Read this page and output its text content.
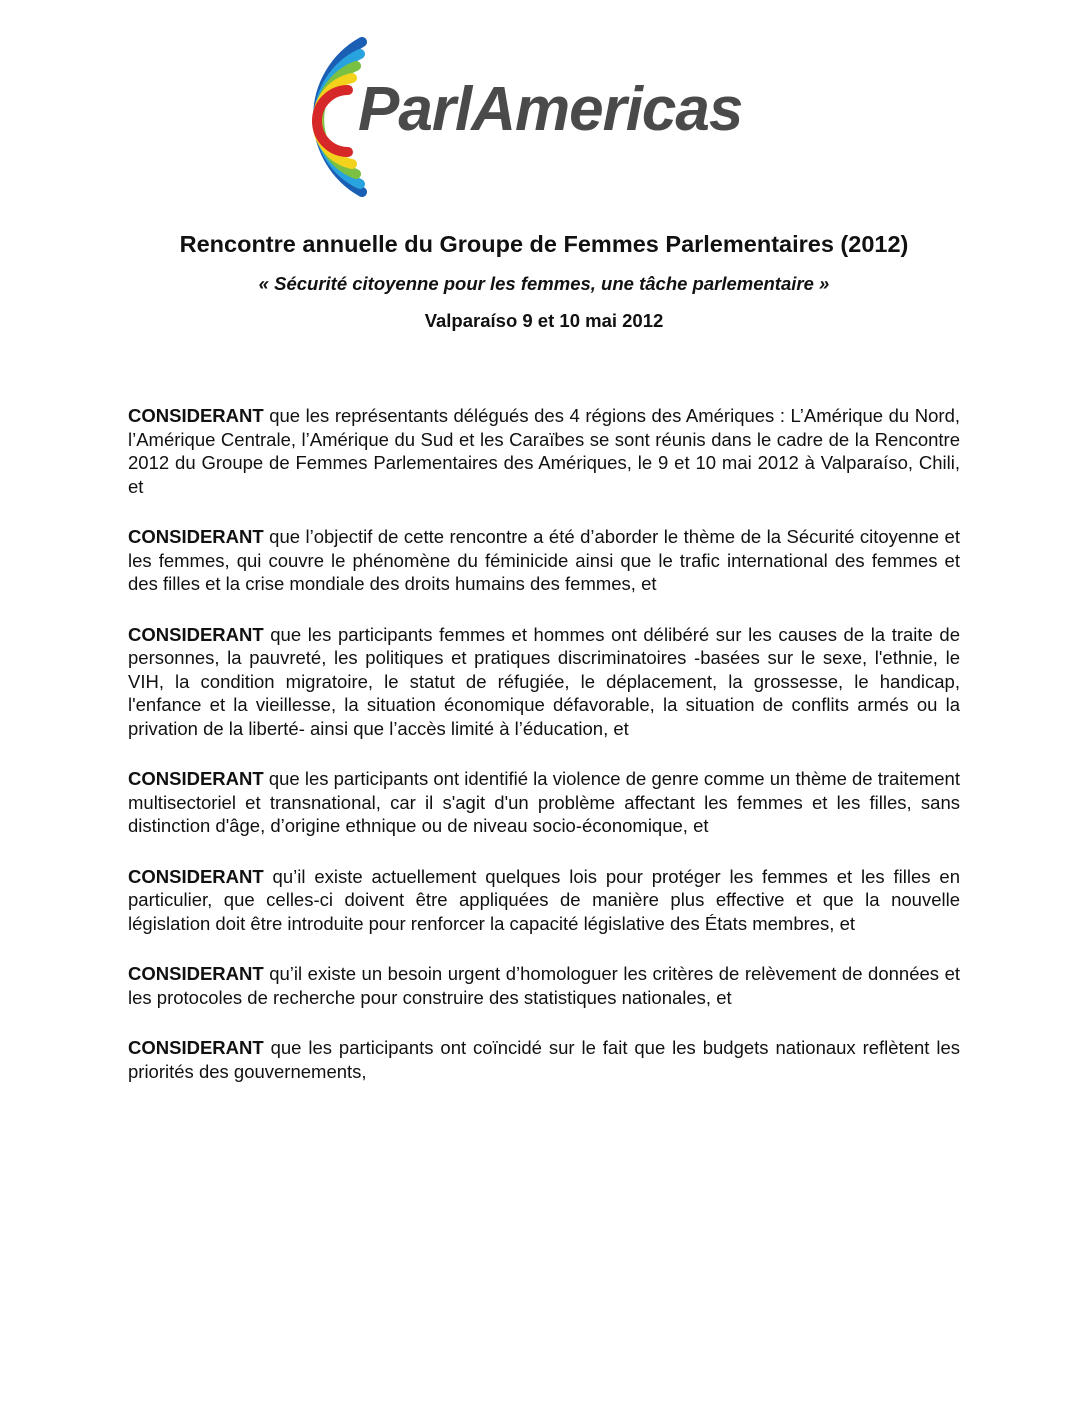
ParlAmericas
Rencontre annuelle du Groupe de Femmes Parlementaires (2012)
« Sécurité citoyenne pour les femmes, une tâche parlementaire »
Valparaíso 9 et 10 mai 2012

CONSIDERANT que les représentants délégués des 4 régions des Amériques : L’Amérique du Nord, l’Amérique Centrale, l’Amérique du Sud et les Caraïbes se sont réunis dans le cadre de la Rencontre 2012 du Groupe de Femmes Parlementaires des Amériques, le 9 et 10 mai 2012 à Valparaíso, Chili, et

CONSIDERANT que l’objectif de cette rencontre a été d’aborder le thème de la Sécurité citoyenne et les femmes, qui couvre le phénomène du féminicide ainsi que le trafic international des femmes et des filles et la crise mondiale des droits humains des femmes, et

CONSIDERANT que les participants femmes et hommes ont délibéré sur les causes de la traite de personnes, la pauvreté, les politiques et pratiques discriminatoires -basées sur le sexe, l'ethnie, le VIH, la condition migratoire, le statut de réfugiée, le déplacement, la grossesse, le handicap, l'enfance et la vieillesse, la situation économique défavorable, la situation de conflits armés ou la privation de la liberté- ainsi que l’accès limité à l’éducation, et

CONSIDERANT que les participants ont identifié la violence de genre comme un thème de traitement multisectoriel et transnational, car il s'agit d'un problème affectant les femmes et les filles, sans distinction d'âge, d’origine ethnique ou de niveau socio-économique, et

CONSIDERANT qu’il existe actuellement quelques lois pour protéger les femmes et les filles en particulier, que celles-ci doivent être appliquées de manière plus effective et que la nouvelle législation doit être introduite pour renforcer la capacité législative des États membres, et

CONSIDERANT qu’il existe un besoin urgent d’homologuer les critères de relèvement de données et les protocoles de recherche pour construire des statistiques nationales, et

CONSIDERANT que les participants ont coïncidé sur le fait que les budgets nationaux reflètent les priorités des gouvernements,
